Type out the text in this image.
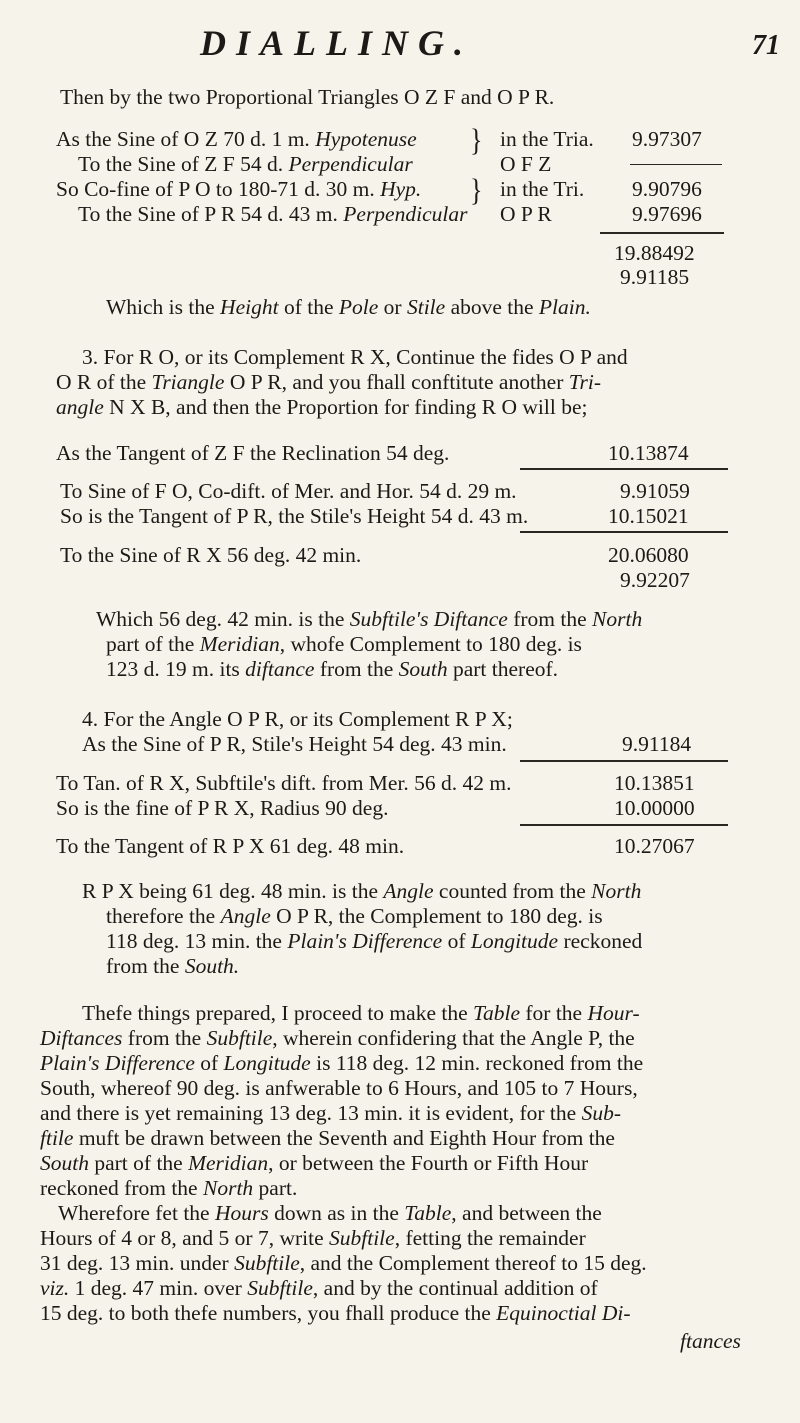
DIALLING.	71
Then by the two Proportional Triangles O Z F and O P R.
As the Sine of O Z 70 d. 1 m. Hypotenuse } in the Tria. 9.97307
To the Sine of Z F 54 d. Perpendicular	O F Z
So Co-fine of P O to 180-71 d. 30 m. Hyp. } in the Tri. 9.90796
To the Sine of P R 54 d. 43 m. Perpendicular O P R	9.97696
19.88492
9.91185
Which is the Height of the Pole or Stile above the Plain.
3. For R O, or its Complement R X, Continue the fides O P and
O R of the Triangle O P R, and you fhall conftitute another Tri-
angle N X B, and then the Proportion for finding R O will be;
As the Tangent of Z F the Reclination 54 deg.	10.13874
To Sine of F O, Co-dift. of Mer. and Hor. 54 d. 29 m.	9.91059
So is the Tangent of P R, the Stile's Height 54 d. 43 m.	10.15021
To the Sine of R X 56 deg. 42 min.	20.06080
9.92207
Which 56 deg. 42 min. is the Subftile's Diftance from the North
part of the Meridian, whofe Complement to 180 deg. is
123 d. 19 m. its diftance from the South part thereof.
4. For the Angle O P R, or its Complement R P X;
As the Sine of P R, Stile's Height 54 deg. 43 min.	9.91184
To Tan. of R X, Subftile's dift. from Mer. 56 d. 42 m.	10.13851
So is the fine of P R X, Radius 90 deg.	10.00000
To the Tangent of R P X 61 deg. 48 min.	10.27067
R P X being 61 deg. 48 min. is the Angle counted from the North
therefore the Angle O P R, the Complement to 180 deg. is
118 deg. 13 min. the Plain's Difference of Longitude reckoned
from the South.
Thefe things prepared, I proceed to make the Table for the Hour-
Diftances from the Subftile, wherein confidering that the Angle P, the
Plain's Difference of Longitude is 118 deg. 12 min. reckoned from the
South, whereof 90 deg. is anfwerable to 6 Hours, and 105 to 7 Hours,
and there is yet remaining 13 deg. 13 min. it is evident, for the Sub-
ftile muft be drawn between the Seventh and Eighth Hour from the
South part of the Meridian, or between the Fourth or Fifth Hour
reckoned from the North part.
Wherefore fet the Hours down as in the Table, and between the
Hours of 4 or 8, and 5 or 7, write Subftile, fetting the remainder
31 deg. 13 min. under Subftile, and the Complement thereof to 15 deg.
viz. 1 deg. 47 min. over Subftile, and by the continual addition of
15 deg. to both thefe numbers, you fhall produce the Equinoctial Di-
ftances
